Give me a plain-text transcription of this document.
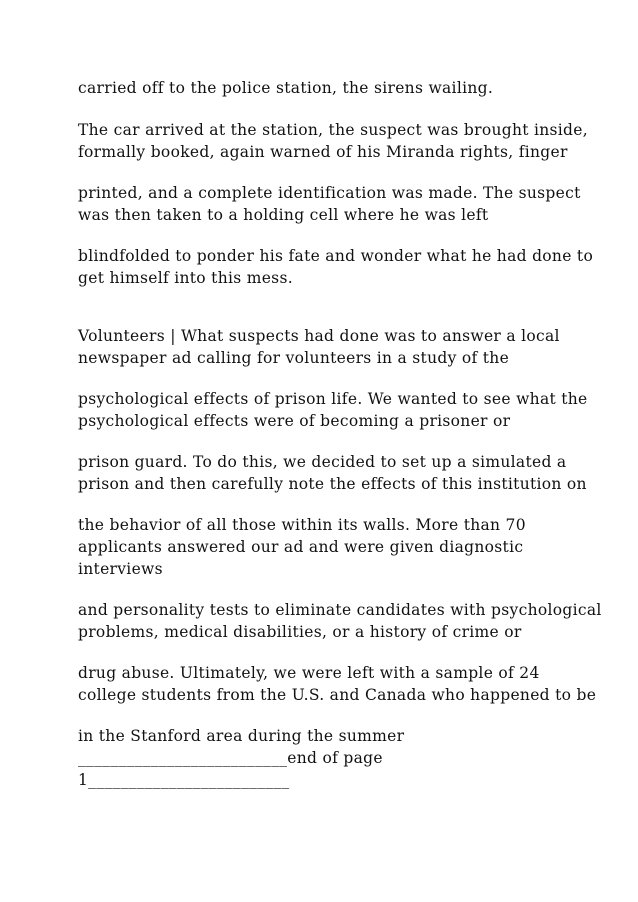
carried off to the police station, the sirens wailing.

The car arrived at the station, the suspect was brought inside,

formally booked, again warned of his Miranda rights, finger

printed, and a complete identification was made. The suspect

was then taken to a holding cell where he was left

blindfolded to ponder his fate and wonder what he had done to

get himself into this mess.

Volunteers | What suspects had done was to answer a local

newspaper ad calling for volunteers in a study of the

psychological effects of prison life. We wanted to see what the

psychological effects were of becoming a prisoner or

prison guard. To do this, we decided to set up a simulated a

prison and then carefully note the effects of this institution on

the behavior of all those within its walls. More than 70

applicants answered our ad and were given diagnostic

interviews

and personality tests to eliminate candidates with psychological

problems, medical disabilities, or a history of crime or

drug abuse. Ultimately, we were left with a sample of 24

college students from the U.S. and Canada who happened to be

in the Stanford area during the summer

__________________________end of page

1_________________________
